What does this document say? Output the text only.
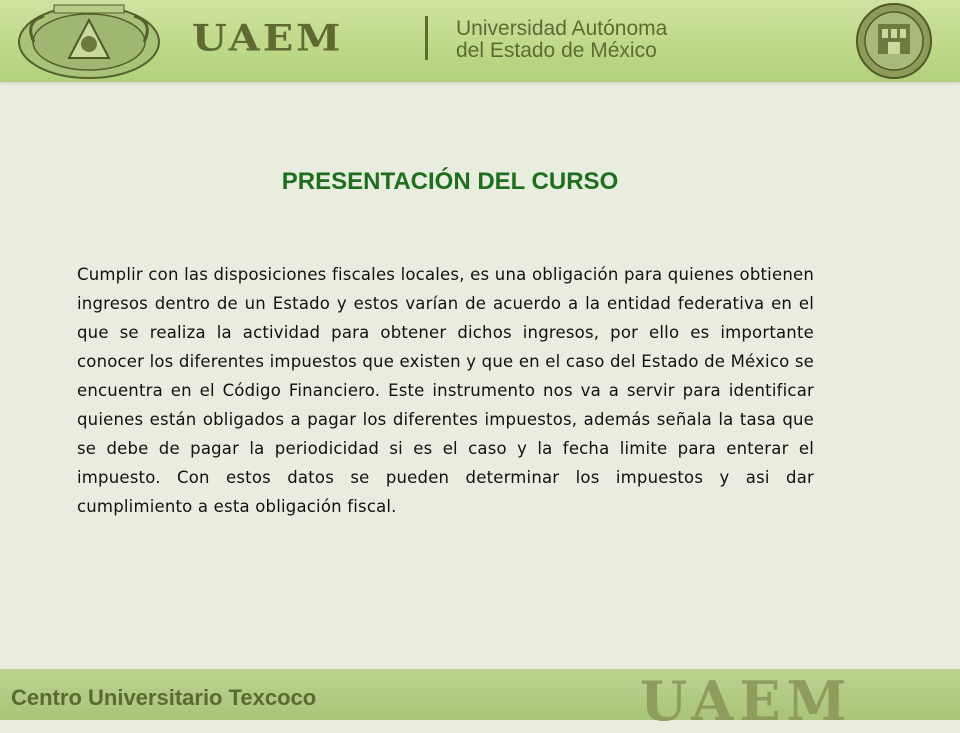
UAEM	Universidad Autónoma
del Estado de México
PRESENTACIÓN DEL CURSO
Cumplir con las disposiciones fiscales locales, es una obligación para quienes obtienen ingresos dentro de un Estado y estos varían de acuerdo a la entidad federativa en el que se realiza la actividad para obtener dichos ingresos, por ello es importante conocer los diferentes impuestos que existen y que en el caso del Estado de México se encuentra en el Código Financiero. Este instrumento nos va a servir para identificar quienes están obligados a pagar los diferentes impuestos, además señala la tasa que se debe de pagar la periodicidad si es el caso y la fecha limite para enterar el impuesto. Con estos datos se pueden determinar los impuestos y asi dar cumplimiento a esta obligación fiscal.
Centro Universitario Texcoco	UAEM
